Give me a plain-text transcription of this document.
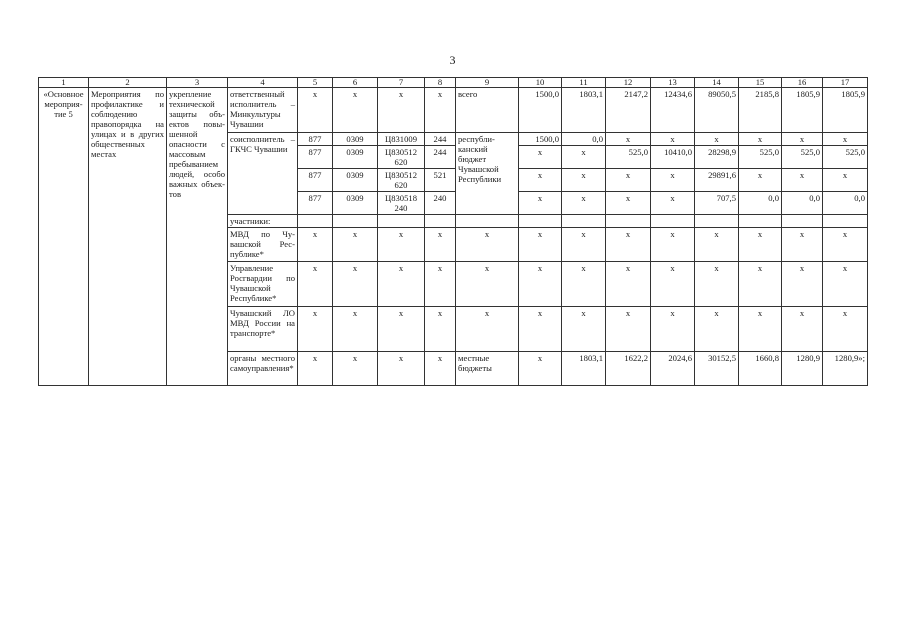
3
1	2	3	4	5	6	7	8	9	10	11	12	13	14	15	16	17
«Основное мероприятие 5	Мероприятия по профилактике и соблюдению правопорядка на улицах и в других общественных местах	укрепление технической защиты объектов повышенной опасности с массовым пребыванием людей, особо важных объектов	ответственный исполнитель – Минкультуры Чувашии	х	х	х	х	всего	1500,0	1803,1	2147,2	12434,6	89050,5	2185,8	1805,9	1805,9
			соисполнитель – ГКЧС Чувашии	877	0309	Ц831009	244	республиканский бюджет Чувашской Республики	1500,0	0,0	х	х	х	х	х	х
				877	0309	Ц830512 620	244		х	х	525,0	10410,0	28298,9	525,0	525,0	525,0
				877	0309	Ц830512 620	521		х	х	х	х	29891,6	х	х	х
				877	0309	Ц830518 240	240		х	х	х	х	707,5	0,0	0,0	0,0
			участники:													
			МВД по Чувашской Республике*	х	х	х	х	х	х	х	х	х	х	х	х	х
			Управление Росгвардии по Чувашской Республике*	х	х	х	х	х	х	х	х	х	х	х	х	х
			Чувашский ЛО МВД России на транспорте*	х	х	х	х	х	х	х	х	х	х	х	х	х
			органы местного самоуправления*	х	х	х	х	местные бюджеты	х	1803,1	1622,2	2024,6	30152,5	1660,8	1280,9	1280,9»;
